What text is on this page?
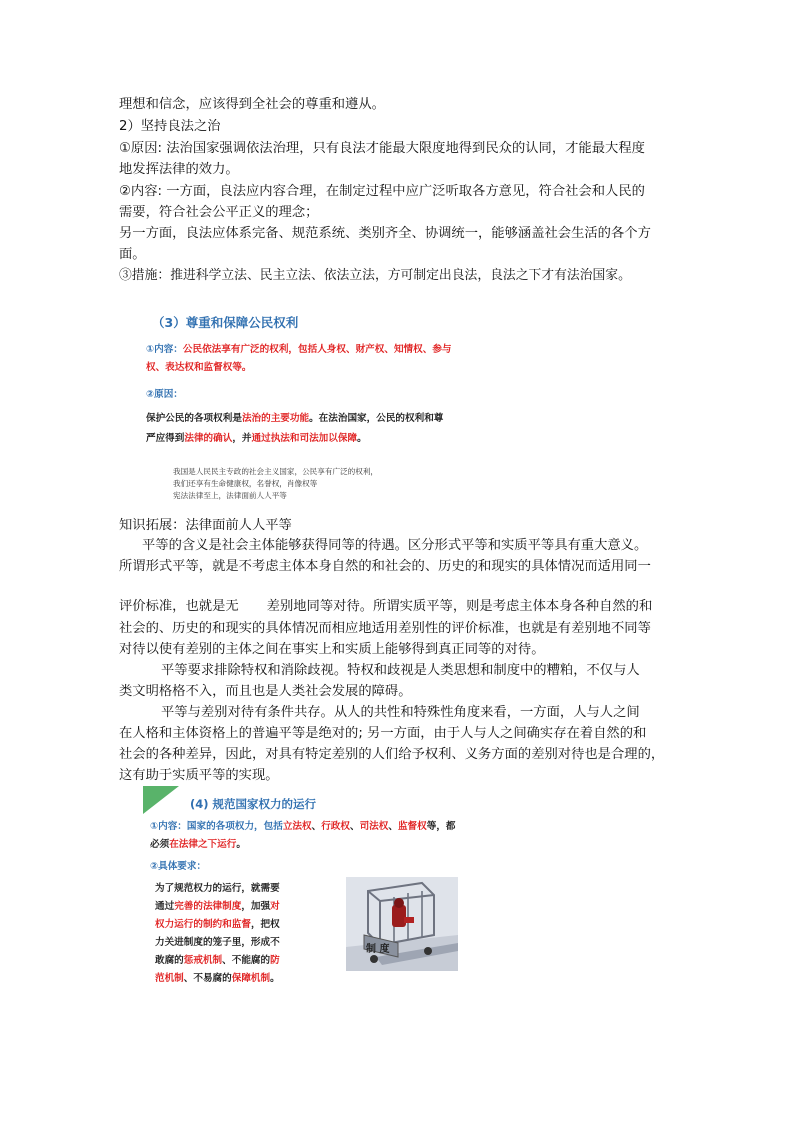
理想和信念，应该得到全社会的尊重和遵从。
2）坚持良法之治
①原因: 法治国家强调依法治理，只有良法才能最大限度地得到民众的认同，才能最大程度
地发挥法律的效力。
②内容: 一方面，良法应内容合理，在制定过程中应广泛听取各方意见，符合社会和人民的
需要，符合社会公平正义的理念；
另一方面，良法应体系完备、规范系统、类别齐全、协调统一，能够涵盖社会生活的各个方
面。
③措施：推进科学立法、民主立法、依法立法，方可制定出良法，良法之下才有法治国家。
（3）尊重和保障公民权利
①内容：公民依法享有广泛的权利，包括人身权、财产权、知情权、参与
权、表达权和监督权等。
②原因：
保护公民的各项权利是法治的主要功能。在法治国家，公民的权利和尊
严应得到法律的确认，并通过执法和司法加以保障。
我国是人民民主专政的社会主义国家，公民享有广泛的权利，
我们还享有生命健康权，名誉权，肖像权等
宪法法律至上，法律面前人人平等
知识拓展：法律面前人人平等
平等的含义是社会主体能够获得同等的待遇。区分形式平等和实质平等具有重大意义。
所谓形式平等，就是不考虑主体本身自然的和社会的、历史的和现实的具体情况而适用同一
评价标准，也就是无 差别地同等对待。所谓实质平等，则是考虑主体本身各种自然的和
社会的、历史的和现实的具体情况而相应地适用差别性的评价标准，也就是有差别地不同等
对待以使有差别的主体之间在事实上和实质上能够得到真正同等的对待。
平等要求排除特权和消除歧视。特权和歧视是人类思想和制度中的糟粕，不仅与人
类文明格格不入，而且也是人类社会发展的障碍。
平等与差别对待有条件共存。从人的共性和特殊性角度来看，一方面，人与人之间
在人格和主体资格上的普遍平等是绝对的; 另一方面，由于人与人之间确实存在着自然的和
社会的各种差异，因此，对具有特定差别的人们给予权利、义务方面的差别对待也是合理的，
这有助于实质平等的实现。
(4) 规范国家权力的运行
①内容：国家的各项权力，包括立法权、行政权、司法权、监督权等，都
必须在法律之下运行。
②具体要求：
为了规范权力的运行，就需要
通过完善的法律制度，加强对
权力运行的制约和监督，把权
力关进制度的笼子里，形成不
敢腐的惩戒机制、不能腐的防
范机制、不易腐的保障机制。
制 度
